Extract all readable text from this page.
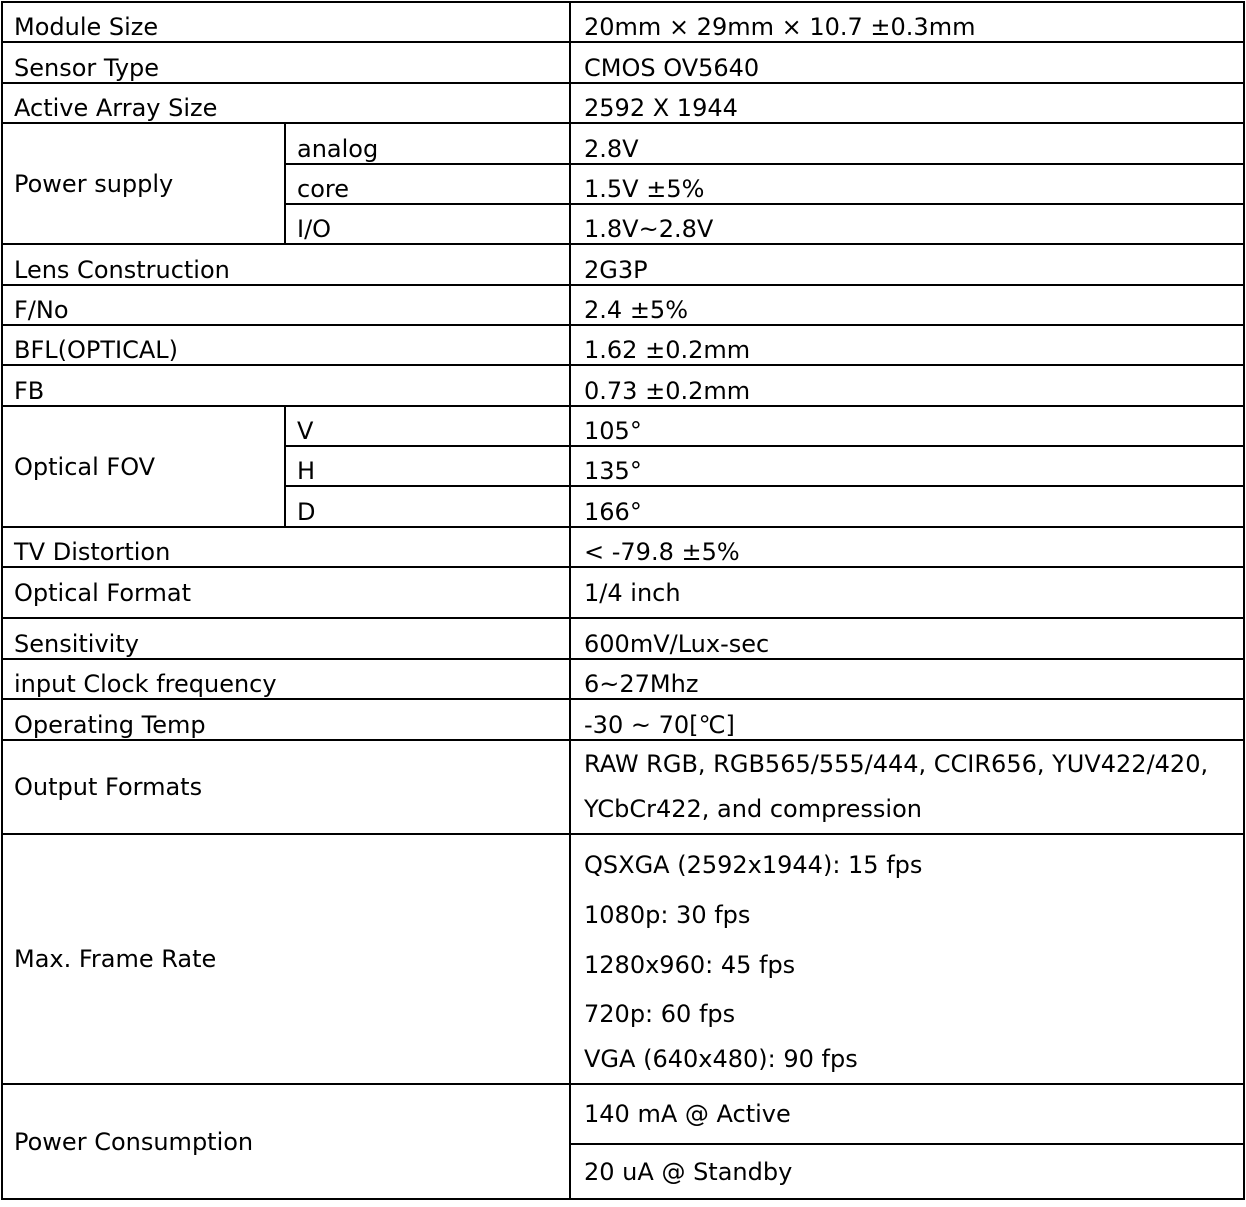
Module Size		20mm × 29mm × 10.7 ±0.3mm
Sensor Type		CMOS OV5640
Active Array Size		2592 X 1944
Power supply	analog	2.8V
	core	1.5V ±5%
	I/O	1.8V~2.8V
Lens Construction		2G3P
F/No		2.4 ±5%
BFL(OPTICAL)		1.62 ±0.2mm
FB		0.73 ±0.2mm
Optical FOV	V	105°
	H	135°
	D	166°
TV Distortion		< -79.8 ±5%
Optical Format		1/4 inch
Sensitivity		600mV/Lux-sec
input Clock frequency		6~27Mhz
Operating Temp		-30 ~ 70[℃]
Output Formats		RAW RGB, RGB565/555/444, CCIR656, YUV422/420,
YCbCr422, and compression

Max. Frame Rate		QSXGA (2592x1944): 15 fps
1080p: 30 fps
1280x960: 45 fps
720p: 60 fps
VGA (640x480): 90 fps

Power Consumption		140 mA @ Active
		20 uA @ Standby
